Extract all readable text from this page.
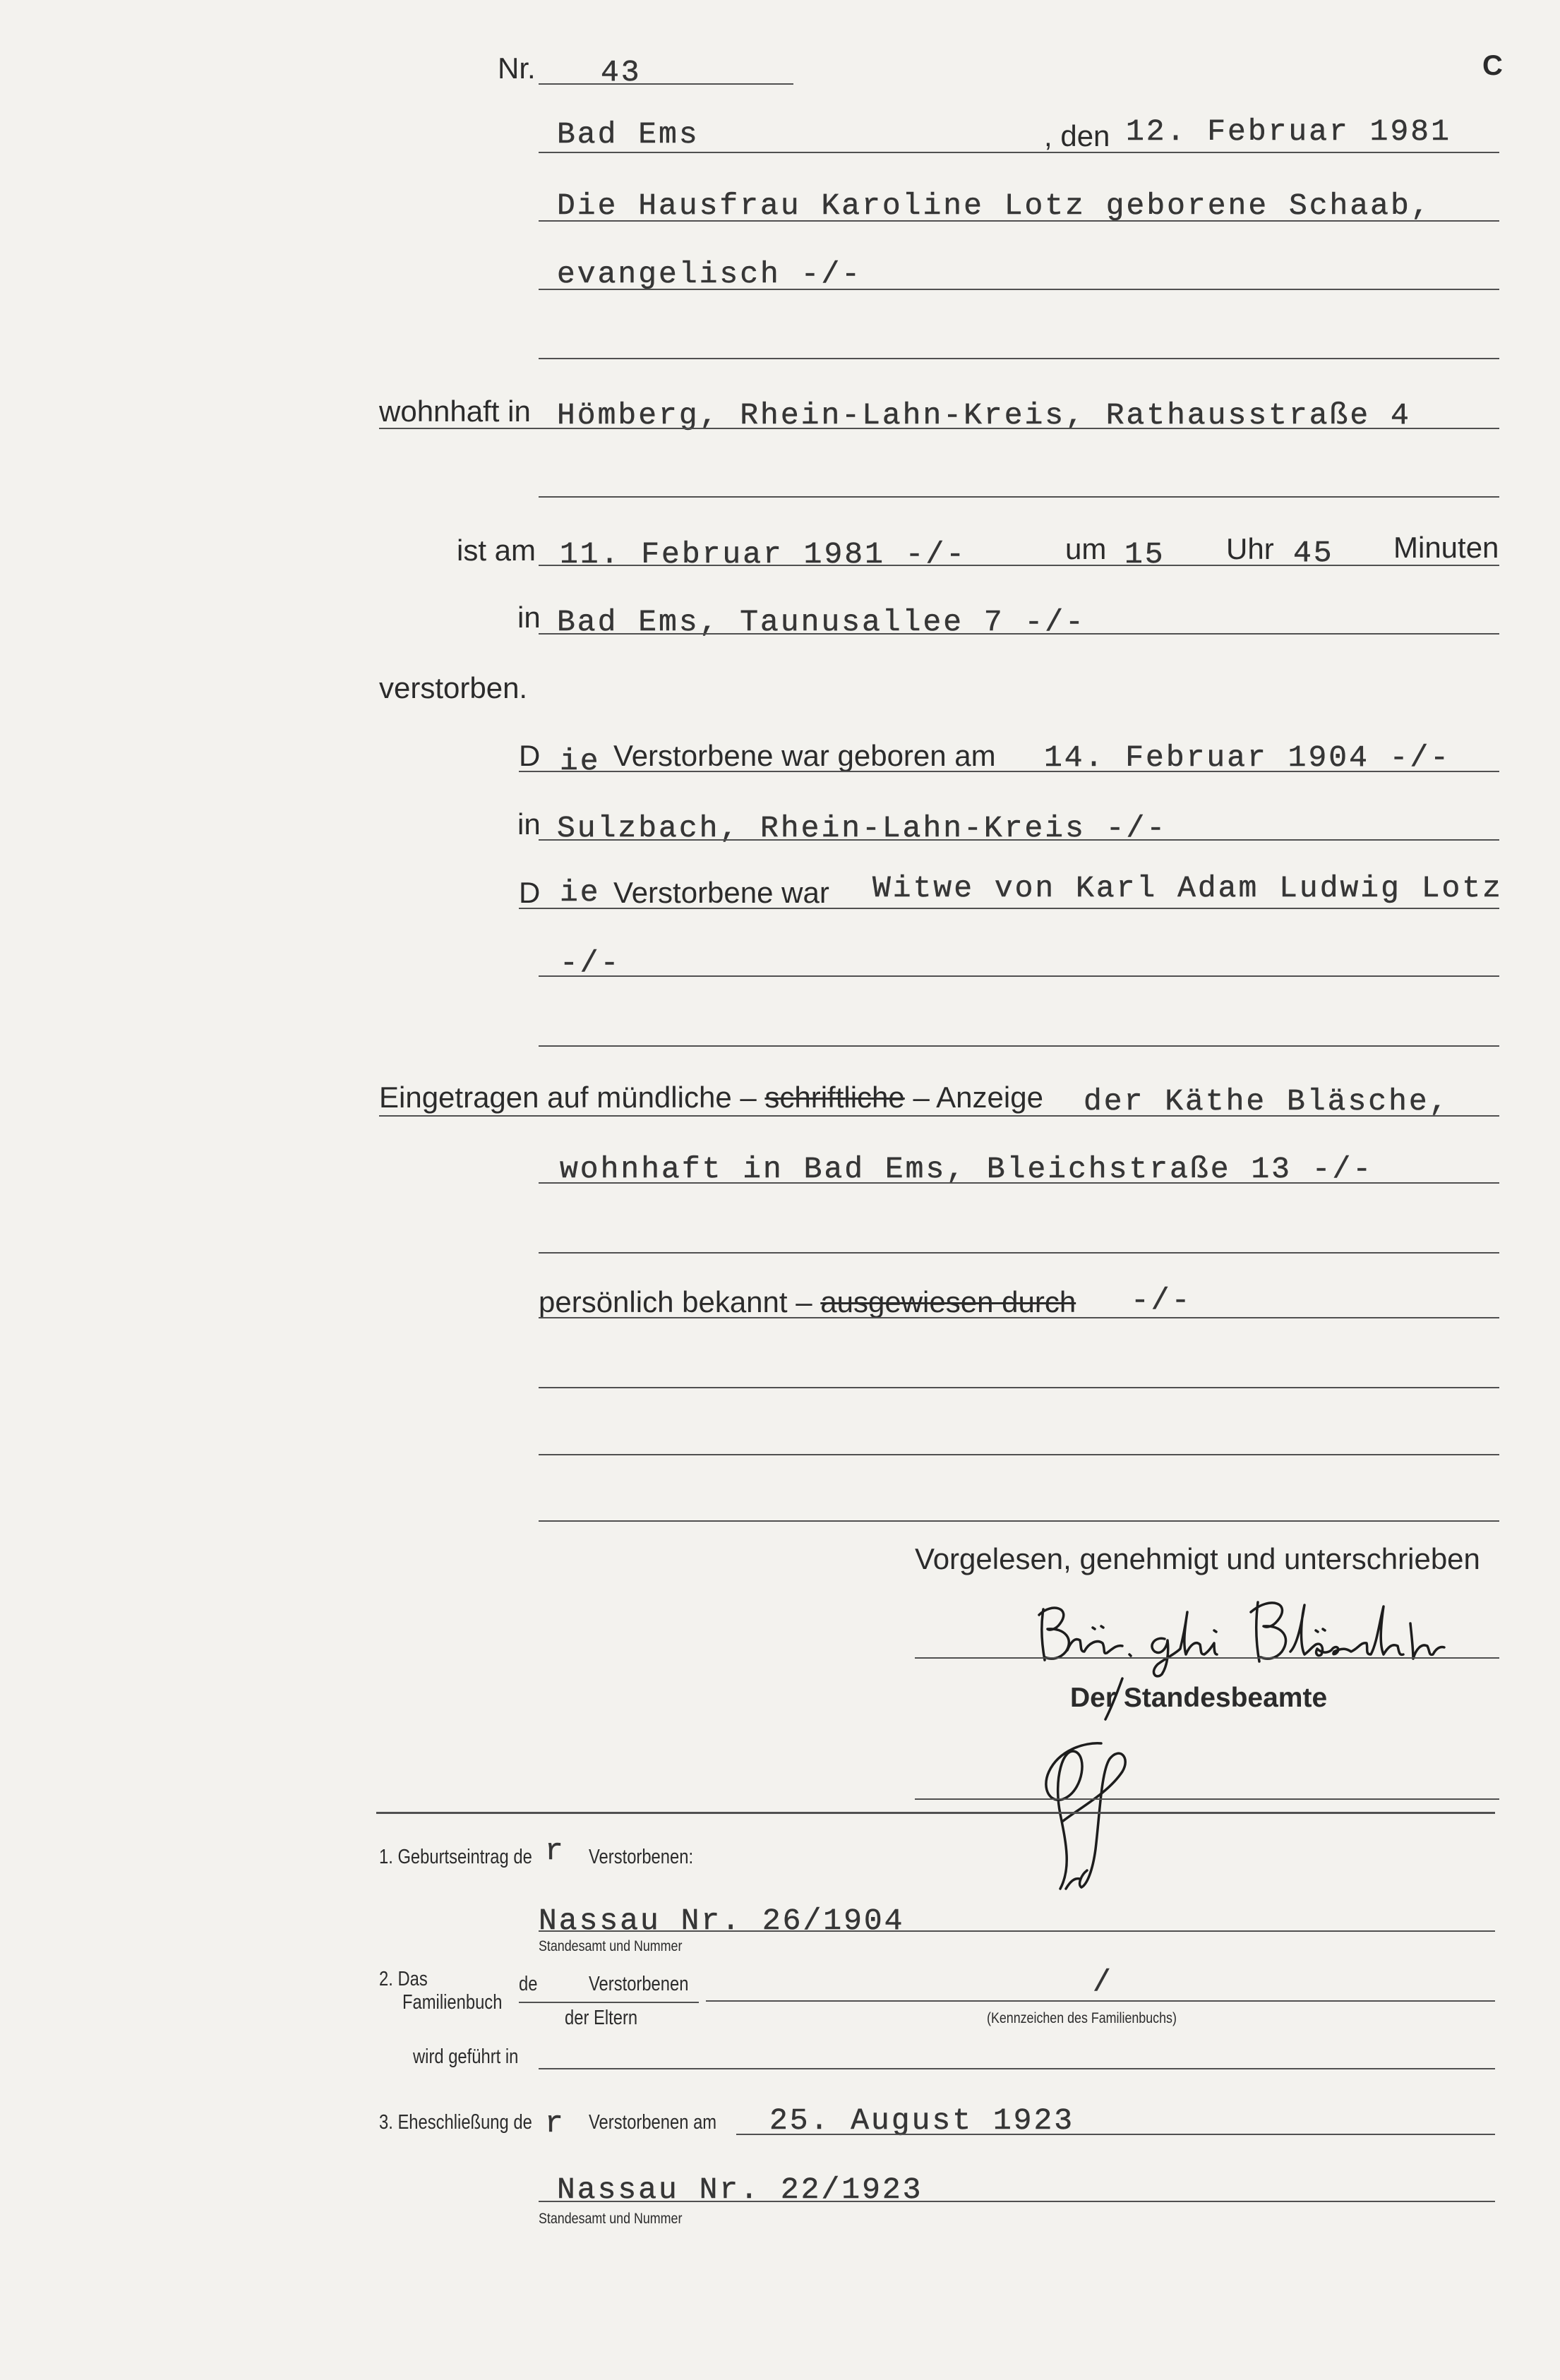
C
Nr. 43
Bad Ems	, den 12. Februar 1981
Die Hausfrau Karoline Lotz geborene Schaab,
evangelisch -/-
wohnhaft in Hömberg, Rhein-Lahn-Kreis, Rathausstraße 4
ist am 11. Februar 1981 -/-	um 15 Uhr 45 Minuten
in Bad Ems, Taunusallee 7 -/-
verstorben.
D ie Verstorbene war geboren am 14. Februar 1904 -/-
in Sulzbach, Rhein-Lahn-Kreis -/-
D ie Verstorbene war Witwe von Karl Adam Ludwig Lotz
-/-
Eingetragen auf mündliche – schriftliche – Anzeige der Käthe Bläsche,
wohnhaft in Bad Ems, Bleichstraße 13 -/-
persönlich bekannt – ausgewiesen durch -/-
Vorgelesen, genehmigt und unterschrieben
Der Standesbeamte
1. Geburtseintrag de r Verstorbenen:
Nassau Nr. 26/1904
Standesamt und Nummer
2. Das
Familienbuch
de	Verstorbenen
der Eltern
/
(Kennzeichen des Familienbuchs)
wird geführt in
3. Eheschließung de r Verstorbenen am 25. August 1923
Nassau Nr. 22/1923
Standesamt und Nummer
